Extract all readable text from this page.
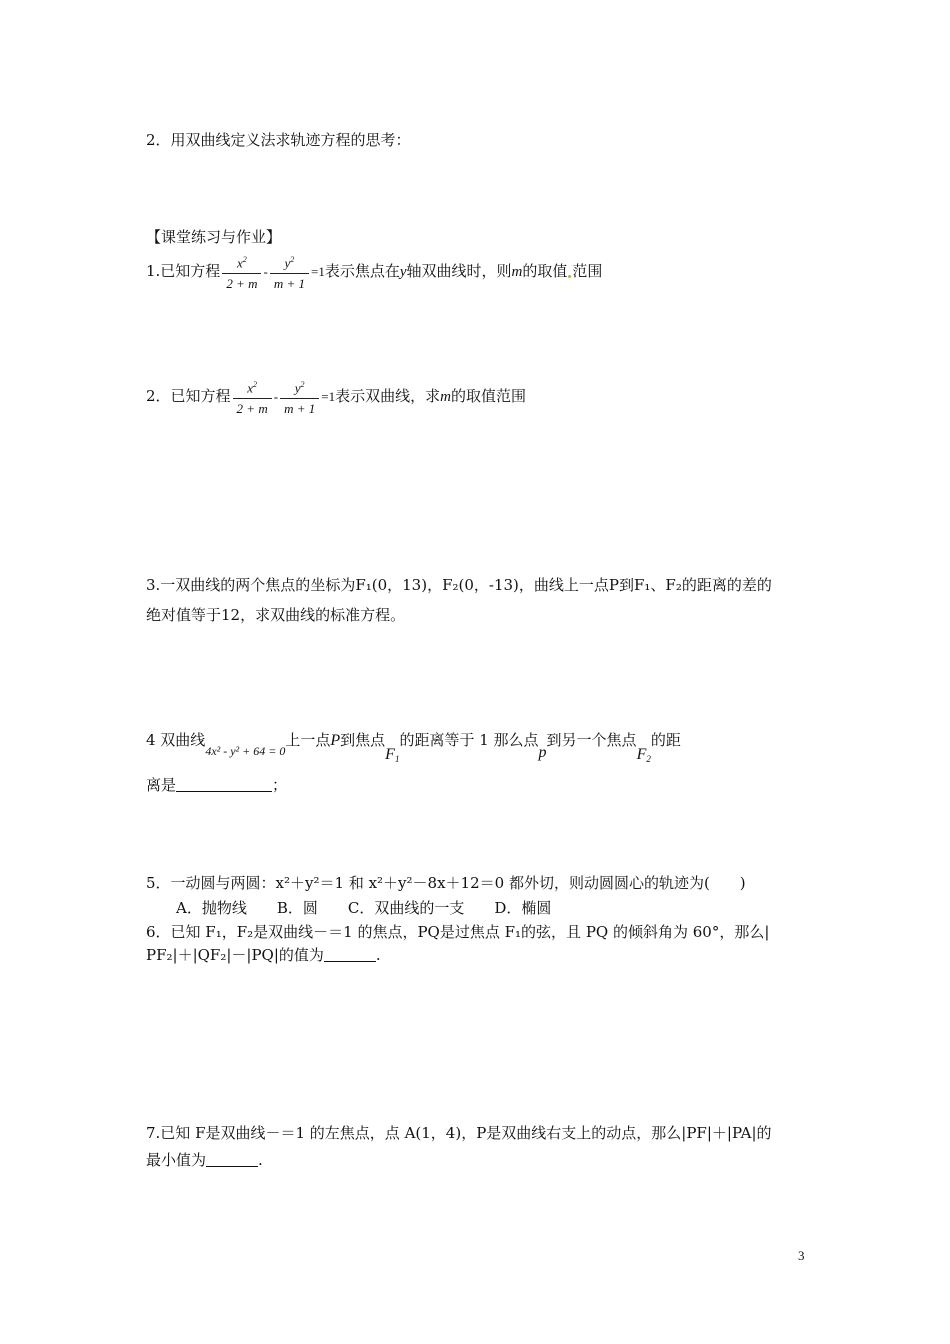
2．用双曲线定义法求轨迹方程的思考：
【课堂练习与作业】
1.已知方程 $\frac{x^2}{2 + m} - \frac{y^2}{m + 1} =1$表示焦点在y轴双曲线时，则m的取值 范围
2．已知方程 $\frac{x^2}{2 + m} - \frac{y^2}{m + 1} =1$表示双曲线，求m的取值范围
3.一双曲线的两个焦点的坐标为F₁(0，13)，F₂(0，-13)，曲线上一点P到F₁、F₂的距离的差的
绝对值等于12，求双曲线的标准方程。
4 双曲线$_{4x^2 - y^2 + 64 = 0}$上一点P到焦点$F_1$的距离等于 1 那么点p到另一个焦点$F_2$的距
离是	；
5．一动圆与两圆：x²＋y²＝1 和 x²＋y²－8x＋12＝0 都外切，则动圆圆心的轨迹为(　　)
A．抛物线　　B．圆　　C．双曲线的一支　　D．椭圆
6．已知 F₁，F₂是双曲线－＝1 的焦点，PQ是过焦点 F₁的弦，且 PQ 的倾斜角为 60°，那么|
PF₂|＋|QF₂|－|PQ|的值为	.
7.已知 F是双曲线－＝1 的左焦点，点 A(1，4)，P是双曲线右支上的动点，那么|PF|＋|PA|的
最小值为	.
3
